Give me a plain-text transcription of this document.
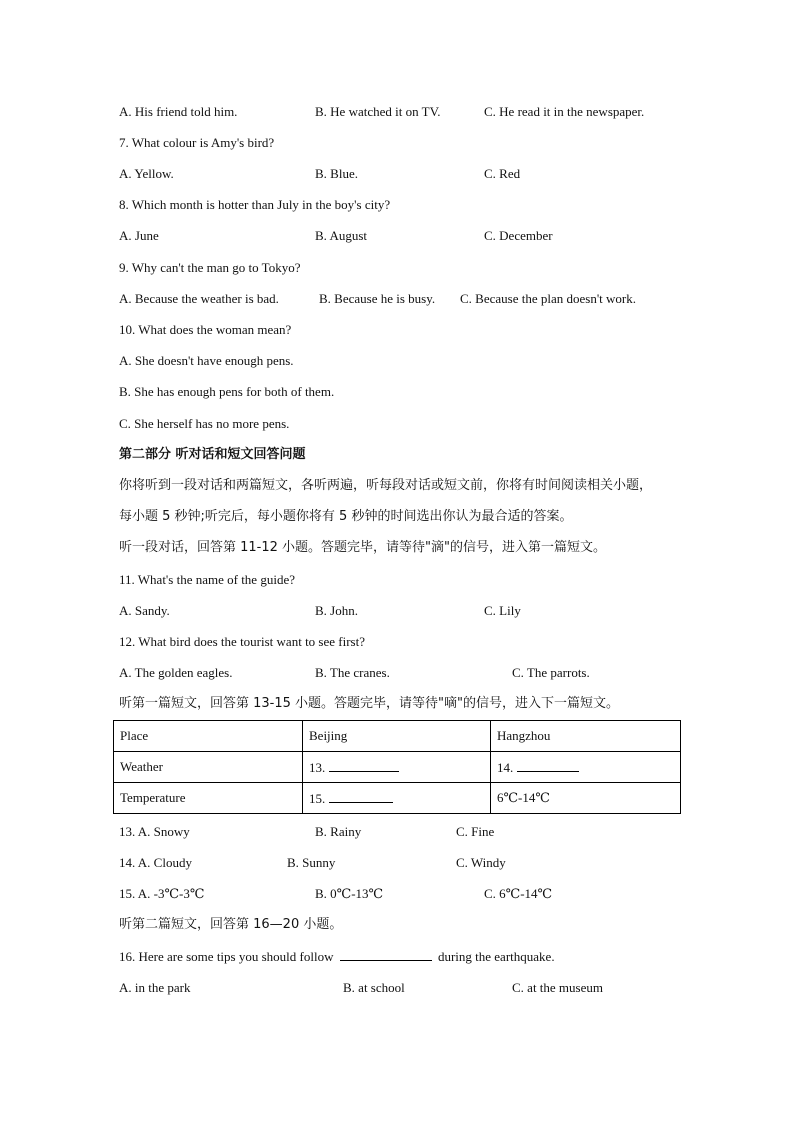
A. His friend told him.	B. He watched it on TV.	C. He read it in the newspaper.
7. What colour is Amy's bird?
A. Yellow.	B. Blue.	C. Red
8. Which month is hotter than July in the boy's city?
A. June	B. August	C. December
9. Why can't the man go to Tokyo?
A. Because the weather is bad.	B. Because he is busy. C. Because the plan doesn't work.
10. What does the woman mean?
A. She doesn't have enough pens.
B. She has enough pens for both of them.
C. She herself has no more pens.
第二部分 听对话和短文回答问题
你将听到一段对话和两篇短文，各听两遍，听每段对话或短文前，你将有时间阅读相关小题，
每小题 5 秒钟;听完后，每小题你将有 5 秒钟的时间选出你认为最合适的答案。
听一段对话，回答第 11-12 小题。答题完毕，请等待"滴"的信号，进入第一篇短文。
11. What's the name of the guide?
A. Sandy.	B. John.	C. Lily
12. What bird does the tourist want to see first?
A. The golden eagles.	B. The cranes.	C. The parrots.
听第一篇短文，回答第 13-15 小题。答题完毕，请等待"嘀"的信号，进入下一篇短文。
Place	Beijing	Hangzhou
Weather	13.	14.
Temperature	15.	6℃-14℃
13. A. Snowy	B. Rainy	C. Fine
14. A. Cloudy	B. Sunny	C. Windy
15. A. -3℃-3℃	B. 0℃-13℃	C. 6℃-14℃
听第二篇短文，回答第 16—20 小题。
16. Here are some tips you should follow	during the earthquake.
A. in the park	B. at school	C. at the museum
